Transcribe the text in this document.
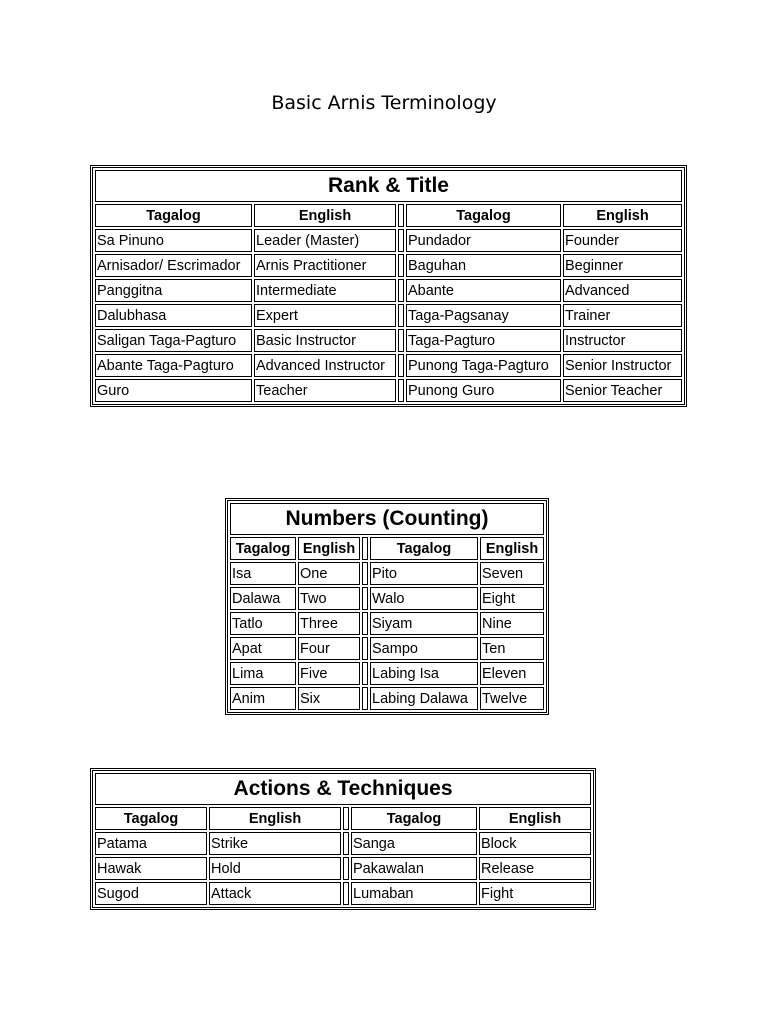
Basic Arnis Terminology
Rank & Title				
Tagalog	English		Tagalog	English
Sa Pinuno	Leader (Master)		Pundador	Founder
Arnisador/ Escrimador	Arnis Practitioner		Baguhan	Beginner
Panggitna	Intermediate		Abante	Advanced
Dalubhasa	Expert		Taga-Pagsanay	Trainer
Saligan Taga-Pagturo	Basic Instructor		Taga-Pagturo	Instructor
Abante Taga-Pagturo	Advanced Instructor		Punong Taga-Pagturo	Senior Instructor
Guro	Teacher		Punong Guro	Senior Teacher
Numbers (Counting)				
Tagalog	English		Tagalog	English
Isa	One		Pito	Seven
Dalawa	Two		Walo	Eight
Tatlo	Three		Siyam	Nine
Apat	Four		Sampo	Ten
Lima	Five		Labing Isa	Eleven
Anim	Six		Labing Dalawa	Twelve
Actions & Techniques				
Tagalog	English		Tagalog	English
Patama	Strike		Sanga	Block
Hawak	Hold		Pakawalan	Release
Sugod	Attack		Lumaban	Fight
